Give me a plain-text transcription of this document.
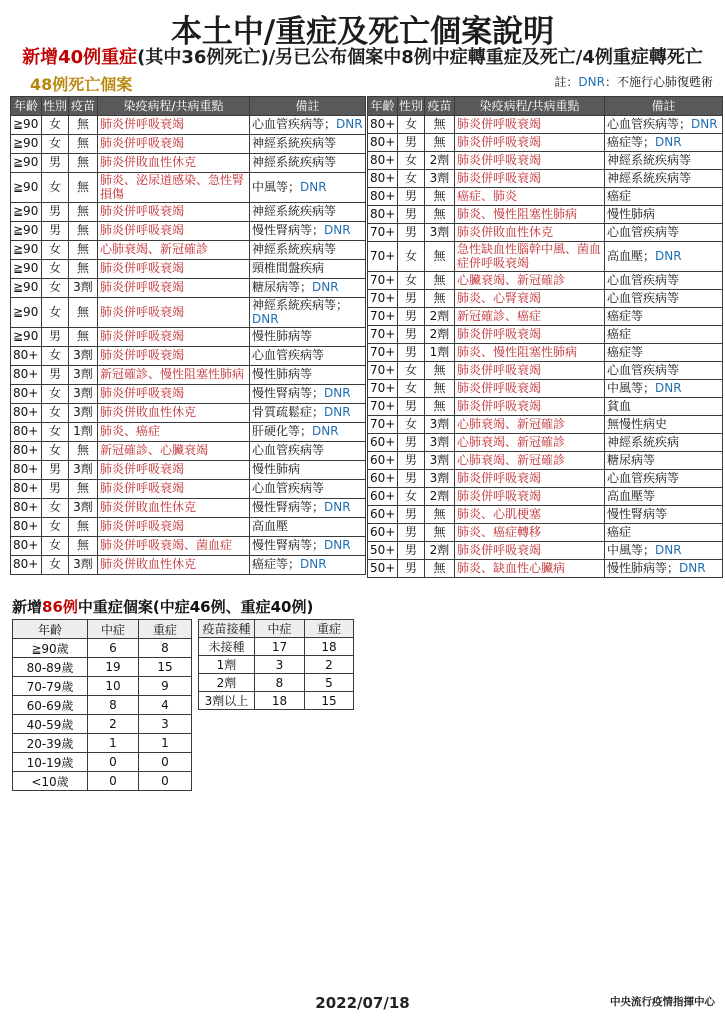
本土中/重症及死亡個案說明
新增40例重症(其中36例死亡)/另已公布個案中8例中症轉重症及死亡/4例重症轉死亡
48例死亡個案	註：DNR：不施行心肺復甦術
年齡	性別	疫苗	染疫病程/共病重點	備註
≧90	女	無	肺炎併呼吸衰竭	心血管疾病等；DNR
≧90	女	無	肺炎併呼吸衰竭	神經系統疾病等
≧90	男	無	肺炎併敗血性休克	神經系統疾病等
≧90	女	無	肺炎、泌尿道感染、急性腎損傷	中風等；DNR
≧90	男	無	肺炎併呼吸衰竭	神經系統疾病等
≧90	男	無	肺炎併呼吸衰竭	慢性腎病等；DNR
≧90	女	無	心肺衰竭、新冠確診	神經系統疾病等
≧90	女	無	肺炎併呼吸衰竭	頸椎間盤疾病
≧90	女	3劑	肺炎併呼吸衰竭	糖尿病等；DNR
≧90	女	無	肺炎併呼吸衰竭	神經系統疾病等；DNR
≧90	男	無	肺炎併呼吸衰竭	慢性肺病等
80+	女	3劑	肺炎併呼吸衰竭	心血管疾病等
80+	男	3劑	新冠確診、慢性阻塞性肺病	慢性肺病等
80+	女	3劑	肺炎併呼吸衰竭	慢性腎病等；DNR
80+	女	3劑	肺炎併敗血性休克	骨質疏鬆症；DNR
80+	女	1劑	肺炎、癌症	肝硬化等；DNR
80+	女	無	新冠確診、心臟衰竭	心血管疾病等
80+	男	3劑	肺炎併呼吸衰竭	慢性肺病
80+	男	無	肺炎併呼吸衰竭	心血管疾病等
80+	女	3劑	肺炎併敗血性休克	慢性腎病等；DNR
80+	女	無	肺炎併呼吸衰竭	高血壓
80+	女	無	肺炎併呼吸衰竭、菌血症	慢性腎病等；DNR
80+	女	3劑	肺炎併敗血性休克	癌症等；DNR
年齡	性別	疫苗	染疫病程/共病重點	備註
80+	女	無	肺炎併呼吸衰竭	心血管疾病等；DNR
80+	男	無	肺炎併呼吸衰竭	癌症等；DNR
80+	女	2劑	肺炎併呼吸衰竭	神經系統疾病等
80+	女	3劑	肺炎併呼吸衰竭	神經系統疾病等
80+	男	無	癌症、肺炎	癌症
80+	男	無	肺炎、慢性阻塞性肺病	慢性肺病
70+	男	3劑	肺炎併敗血性休克	心血管疾病等
70+	女	無	急性缺血性腦幹中風、菌血症併呼吸衰竭	高血壓；DNR
70+	女	無	心臟衰竭、新冠確診	心血管疾病等
70+	男	無	肺炎、心腎衰竭	心血管疾病等
70+	男	2劑	新冠確診、癌症	癌症等
70+	男	2劑	肺炎併呼吸衰竭	癌症
70+	男	1劑	肺炎、慢性阻塞性肺病	癌症等
70+	女	無	肺炎併呼吸衰竭	心血管疾病等
70+	女	無	肺炎併呼吸衰竭	中風等；DNR
70+	男	無	肺炎併呼吸衰竭	貧血
70+	女	3劑	心肺衰竭、新冠確診	無慢性病史
60+	男	3劑	心肺衰竭、新冠確診	神經系統疾病
60+	男	3劑	心肺衰竭、新冠確診	糖尿病等
60+	男	3劑	肺炎併呼吸衰竭	心血管疾病等
60+	女	2劑	肺炎併呼吸衰竭	高血壓等
60+	男	無	肺炎、心肌梗塞	慢性腎病等
60+	男	無	肺炎、癌症轉移	癌症
50+	男	2劑	肺炎併呼吸衰竭	中風等；DNR
50+	男	無	肺炎、缺血性心臟病	慢性肺病等；DNR
新增86例中重症個案(中症46例、重症40例)
年齡	中症	重症
≧90歲	6	8
80-89歲	19	15
70-79歲	10	9
60-69歲	8	4
40-59歲	2	3
20-39歲	1	1
10-19歲	0	0
<10歲	0	0
疫苗接種	中症	重症
未接種	17	18
1劑	3	2
2劑	8	5
3劑以上	18	15
2022/07/18	中央流行疫情指揮中心
